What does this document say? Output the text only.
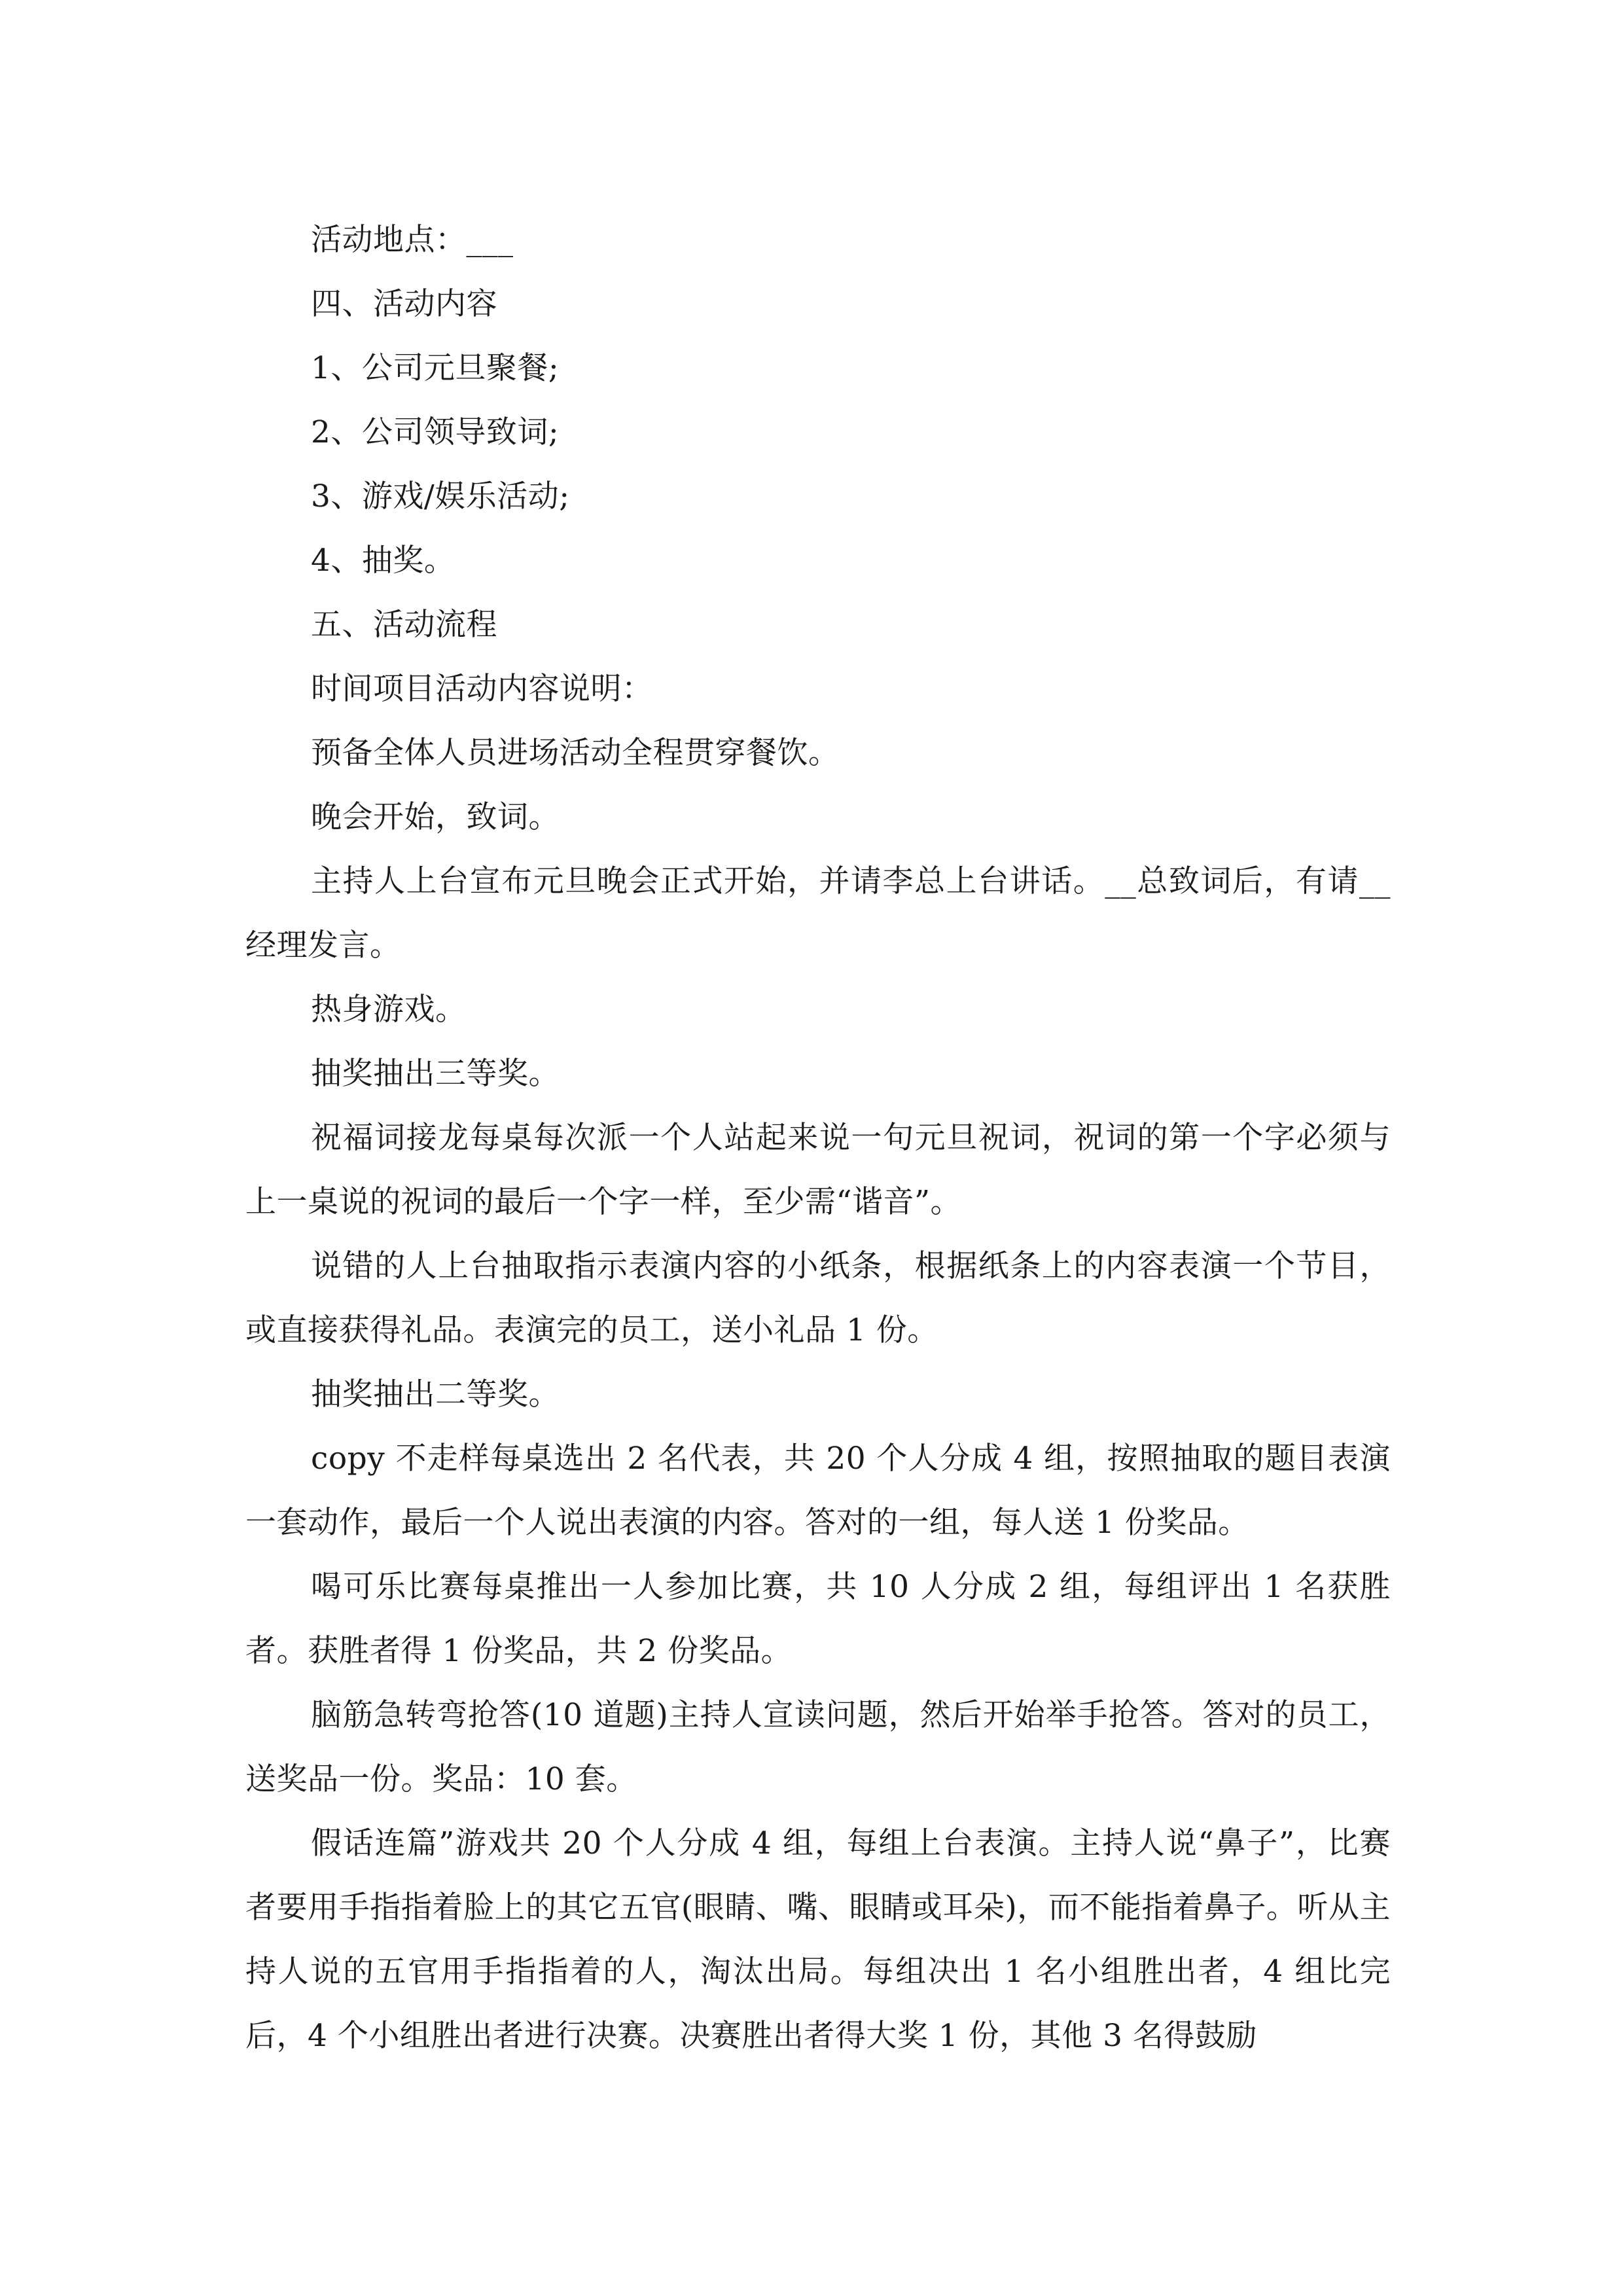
活动地点：___

四、活动内容

1、公司元旦聚餐;

2、公司领导致词;

3、游戏/娱乐活动;

4、抽奖。

五、活动流程

时间项目活动内容说明：

预备全体人员进场活动全程贯穿餐饮。

晚会开始，致词。

主持人上台宣布元旦晚会正式开始，并请李总上台讲话。__总致词后，有请__经理发言。

热身游戏。

抽奖抽出三等奖。

祝福词接龙每桌每次派一个人站起来说一句元旦祝词，祝词的第一个字必须与上一桌说的祝词的最后一个字一样，至少需“谐音”。

说错的人上台抽取指示表演内容的小纸条，根据纸条上的内容表演一个节目，或直接获得礼品。表演完的员工，送小礼品 1 份。

抽奖抽出二等奖。

copy 不走样每桌选出 2 名代表，共 20 个人分成 4 组，按照抽取的题目表演一套动作，最后一个人说出表演的内容。答对的一组，每人送 1 份奖品。

喝可乐比赛每桌推出一人参加比赛，共 10 人分成 2 组，每组评出 1 名获胜者。获胜者得 1 份奖品，共 2 份奖品。

脑筋急转弯抢答(10 道题)主持人宣读问题，然后开始举手抢答。答对的员工，送奖品一份。奖品：10 套。

假话连篇”游戏共 20 个人分成 4 组，每组上台表演。主持人说“鼻子”，比赛者要用手指指着脸上的其它五官(眼睛、嘴、眼睛或耳朵)，而不能指着鼻子。听从主持人说的五官用手指指着的人，淘汰出局。每组决出 1 名小组胜出者，4 组比完后，4 个小组胜出者进行决赛。决赛胜出者得大奖 1 份，其他 3 名得鼓励
